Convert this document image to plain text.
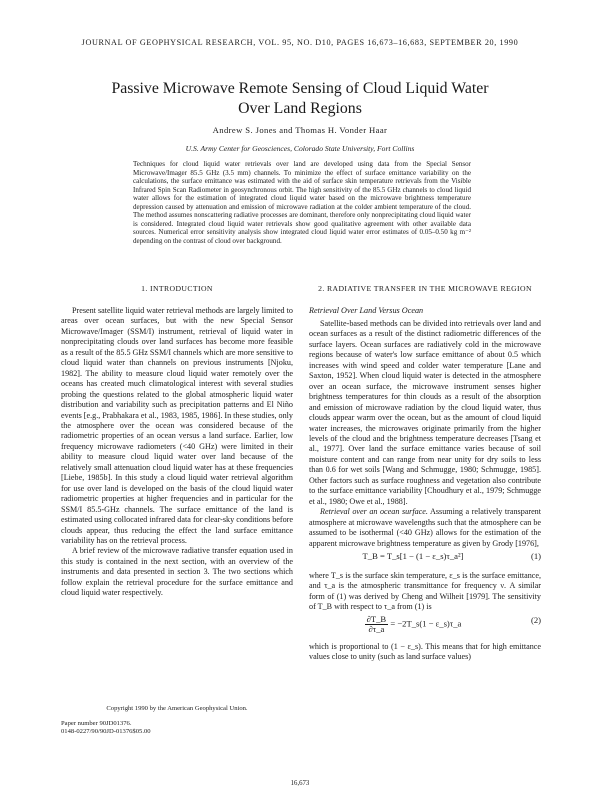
JOURNAL OF GEOPHYSICAL RESEARCH, VOL. 95, NO. D10, PAGES 16,673–16,683, SEPTEMBER 20, 1990
Passive Microwave Remote Sensing of Cloud Liquid Water
Over Land Regions
Andrew S. Jones and Thomas H. Vonder Haar
U.S. Army Center for Geosciences, Colorado State University, Fort Collins

Techniques for cloud liquid water retrievals over land are developed using data from the Special Sensor Microwave/Imager 85.5 GHz (3.5 mm) channels. To minimize the effect of surface emittance variability on the calculations, the surface emittance was estimated with the aid of surface skin temperature retrievals from the Visible Infrared Spin Scan Radiometer in geosynchronous orbit. The high sensitivity of the 85.5 GHz channels to cloud liquid water allows for the estimation of integrated cloud liquid water based on the microwave brightness temperature depression caused by attenuation and emission of microwave radiation at the colder ambient temperature of the cloud. The method assumes nonscattering radiative processes are dominant, therefore only nonprecipitating cloud liquid water is considered. Integrated cloud liquid water retrievals show good qualitative agreement with other available data sources. Numerical error sensitivity analysis show integrated cloud liquid water error estimates of 0.05–0.50 kg m⁻² depending on the contrast of cloud over background.

1. INTRODUCTION

Present satellite liquid water retrieval methods are largely limited to areas over ocean surfaces, but with the new Special Sensor Microwave/Imager (SSM/I) instrument, retrieval of liquid water in nonprecipitating clouds over land surfaces has become more feasible as a result of the 85.5 GHz SSM/I channels which are more sensitive to cloud liquid water than channels on previous instruments [Njoku, 1982]. The ability to measure cloud liquid water remotely over the oceans has created much climatological interest with several studies probing the questions related to the global atmospheric liquid water distribution and variability such as precipitation patterns and El Niño events [e.g., Prabhakara et al., 1983, 1985, 1986]. In these studies, only the atmosphere over the ocean was considered because of the radiometric properties of an ocean versus a land surface. Earlier, low frequency microwave radiometers (<40 GHz) were limited in their ability to measure cloud liquid water over land because of the relatively small attenuation cloud liquid water has at these frequencies [Liebe, 1985b]. In this study a cloud liquid water retrieval algorithm for use over land is developed on the basis of the cloud liquid water radiometric properties at higher frequencies and in particular for the SSM/I 85.5-GHz channels. The surface emittance of the land is estimated using collocated infrared data for clear-sky conditions before clouds appear, thus reducing the effect the land surface emittance variability has on the retrieval process.

A brief review of the microwave radiative transfer equation used in this study is contained in the next section, with an overview of the instruments and data presented in section 3. The two sections which follow explain the retrieval procedure for the surface emittance and cloud liquid water respectively.

2. RADIATIVE TRANSFER IN THE MICROWAVE REGION
Retrieval Over Land Versus Ocean

Satellite-based methods can be divided into retrievals over land and ocean surfaces as a result of the distinct radiometric differences of the surface layers. Ocean surfaces are radiatively cold in the microwave regions because of water's low surface emittance of about 0.5 which increases with wind speed and colder water temperature [Lane and Saxton, 1952]. When cloud liquid water is detected in the atmosphere over an ocean surface, the microwave instrument senses higher brightness temperatures for thin clouds as a result of the absorption and emission of microwave radiation by the cloud liquid water, thus clouds appear warm over the ocean, but as the amount of cloud liquid water increases, the microwaves originate primarily from the higher levels of the cloud and the brightness temperature decreases [Tsang et al., 1977]. Over land the surface emittance varies because of soil moisture content and can range from near unity for dry soils to less than 0.6 for wet soils [Wang and Schmugge, 1980; Schmugge, 1985]. Other factors such as surface roughness and vegetation also contribute to the surface emittance variability [Choudhury et al., 1979; Schmugge et al., 1980; Owe et al., 1988].

Retrieval over an ocean surface. Assuming a relatively transparent atmosphere at microwave wavelengths such that the atmosphere can be assumed to be isothermal (<40 GHz) allows for the estimation of the apparent microwave brightness temperature as given by Grody [1976],

T_B = T_s[1 − (1 − ε_s)τ_a²]	(1)

where T_s is the surface skin temperature, ε_s is the surface emittance, and τ_a is the atmospheric transmittance for frequency ν. A similar form of (1) was derived by Cheng and Wilheit [1979]. The sensitivity of T_B with respect to τ_a from (1) is

$\frac{\partial T\_B}{\partial\tau\_a}$ = −2T_s(1 − ε_s)τ_a	(2)

which is proportional to (1 − ε_s). This means that for high emittance values close to unity (such as land surface values)

Copyright 1990 by the American Geophysical Union.
Paper number 90JD01376.
0148-0227/90/90JD-01376$05.00
16,673
